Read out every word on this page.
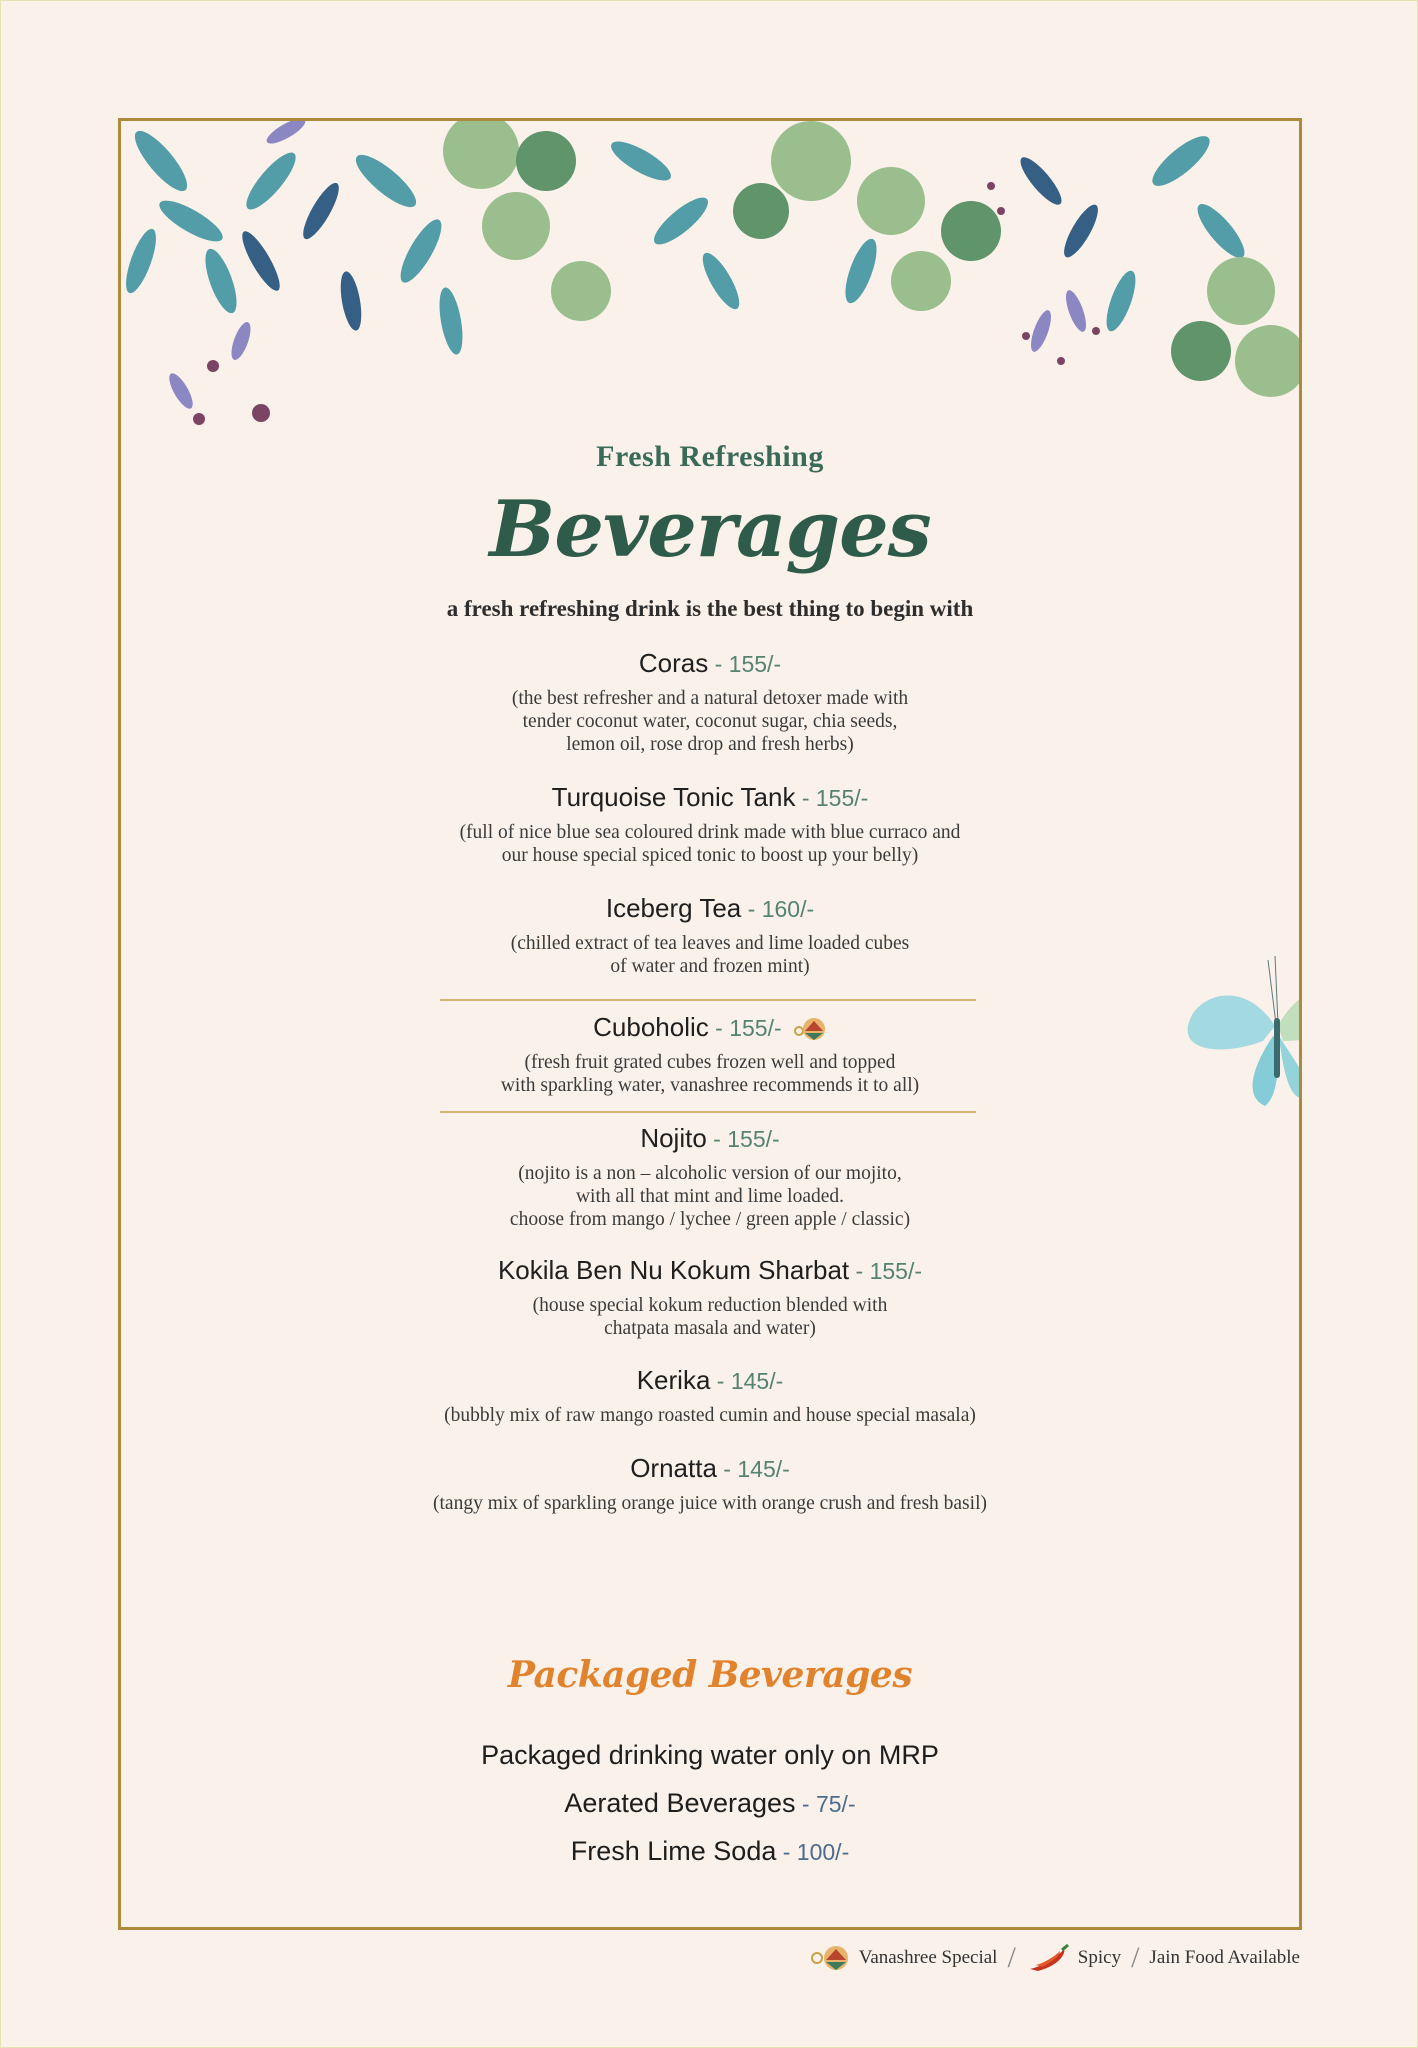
Fresh Refreshing
Beverages
a fresh refreshing drink is the best thing to begin with
Coras - 155/-
(the best refresher and a natural detoxer made with
tender coconut water, coconut sugar, chia seeds,
lemon oil, rose drop and fresh herbs)
Turquoise Tonic Tank - 155/-
(full of nice blue sea coloured drink made with blue curraco and
our house special spiced tonic to boost up your belly)
Iceberg Tea - 160/-
(chilled extract of tea leaves and lime loaded cubes
of water and frozen mint)
Cuboholic - 155/-
(fresh fruit grated cubes frozen well and topped
with sparkling water, vanashree recommends it to all)
Nojito - 155/-
(nojito is a non – alcoholic version of our mojito,
with all that mint and lime loaded.
choose from mango / lychee / green apple / classic)
Kokila Ben Nu Kokum Sharbat - 155/-
(house special kokum reduction blended with
chatpata masala and water)
Kerika - 145/-
(bubbly mix of raw mango roasted cumin and house special masala)
Ornatta - 145/-
(tangy mix of sparkling orange juice with orange crush and fresh basil)
Packaged Beverages
Packaged drinking water only on MRP
Aerated Beverages - 75/-
Fresh Lime Soda - 100/-
Vanashree Special /	Spicy / Jain Food Available
